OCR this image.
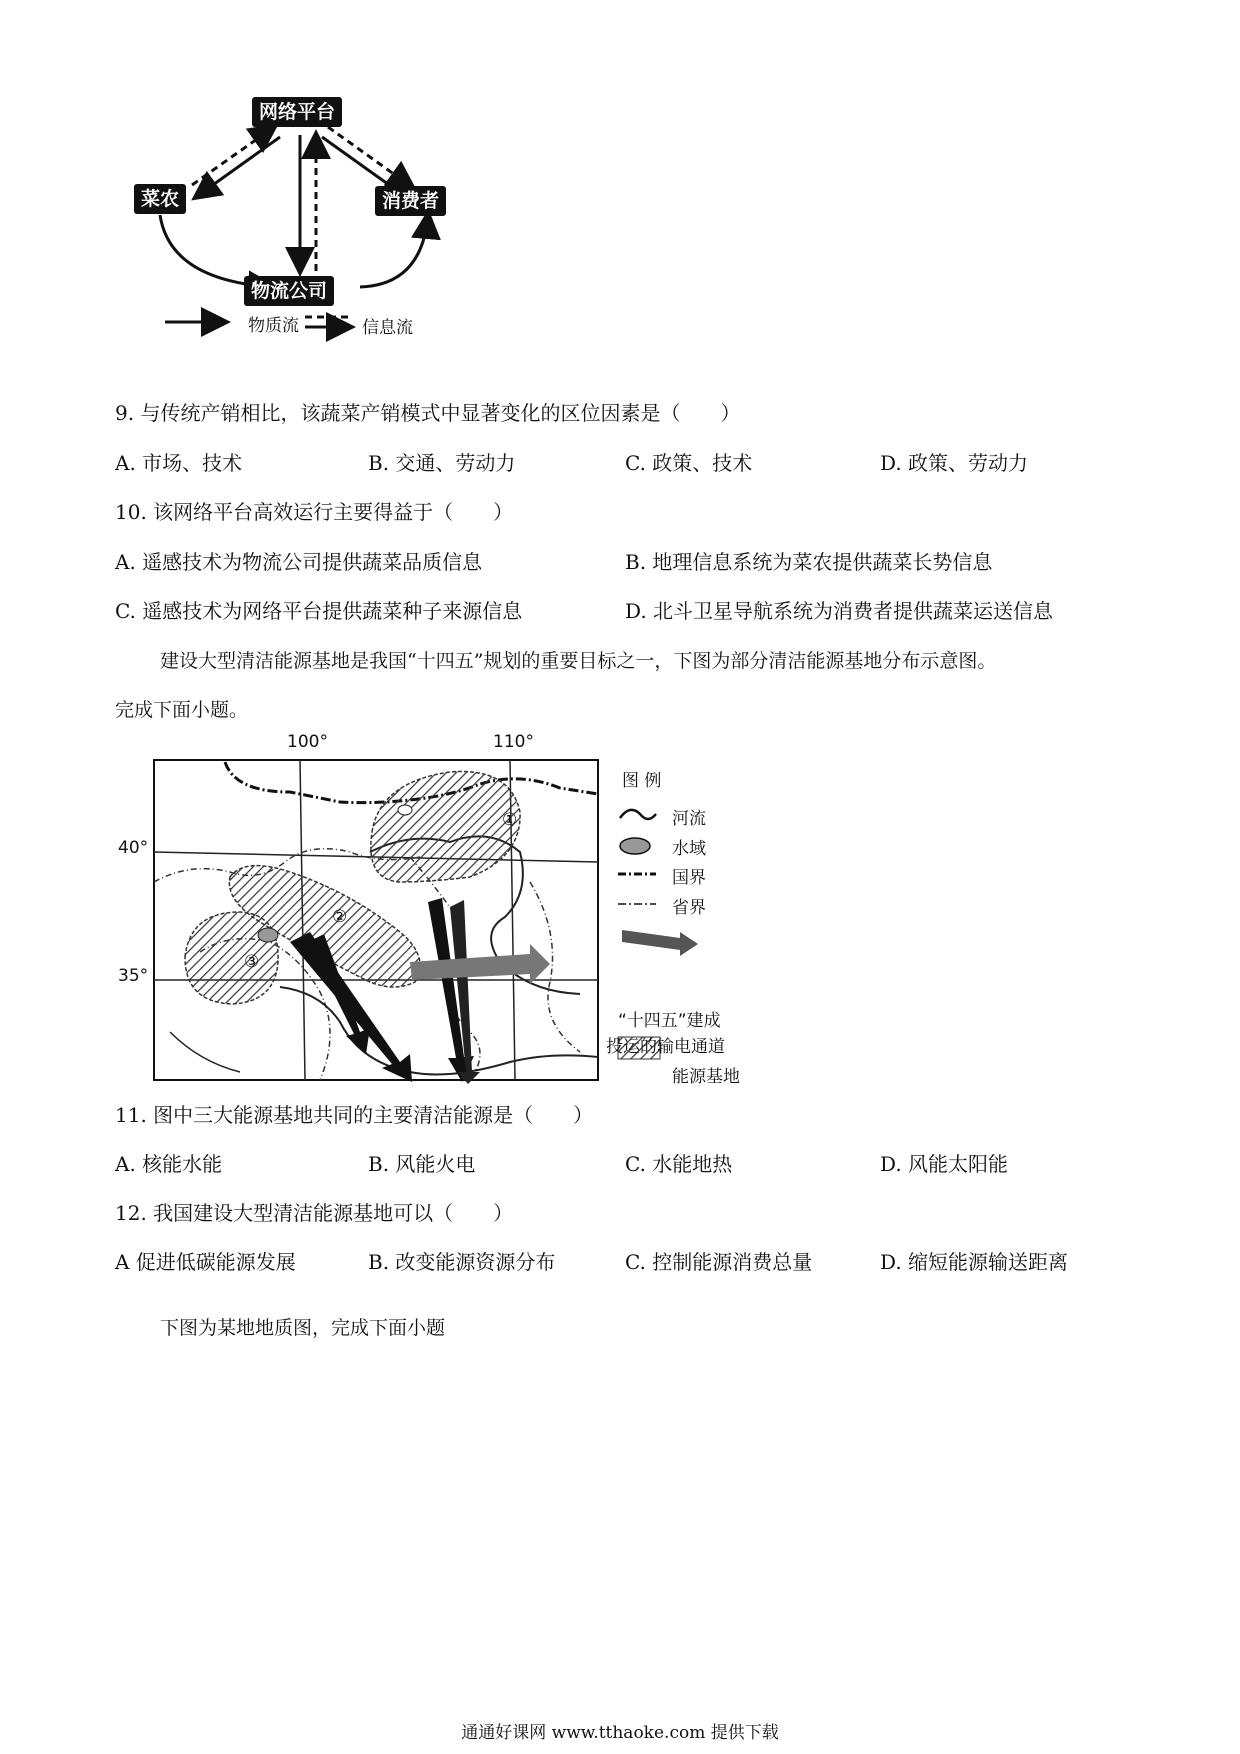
网络平台
菜农	消费者
物流公司
物质流	信息流
9. 与传统产销相比，该蔬菜产销模式中显著变化的区位因素是（　　）
A. 市场、技术	B. 交通、劳动力	C. 政策、技术	D. 政策、劳动力
10. 该网络平台高效运行主要得益于（　　）
A. 遥感技术为物流公司提供蔬菜品质信息	B. 地理信息系统为菜农提供蔬菜长势信息
C. 遥感技术为网络平台提供蔬菜种子来源信息	D. 北斗卫星导航系统为消费者提供蔬菜运送信息
建设大型清洁能源基地是我国“十四五”规划的重要目标之一，下图为部分清洁能源基地分布示意图。
完成下面小题。
100°	110°
40°
35°
①
②
③
图 例
河流
水域
国界
省界
“十四五”建成
投运的输电通道
能源基地
11. 图中三大能源基地共同的主要清洁能源是（　　）
A. 核能水能	B. 风能火电	C. 水能地热	D. 风能太阳能
12. 我国建设大型清洁能源基地可以（　　）
A 促进低碳能源发展	B. 改变能源资源分布	C. 控制能源消费总量	D. 缩短能源输送距离
下图为某地地质图，完成下面小题
通通好课网 www.tthaoke.com 提供下载
